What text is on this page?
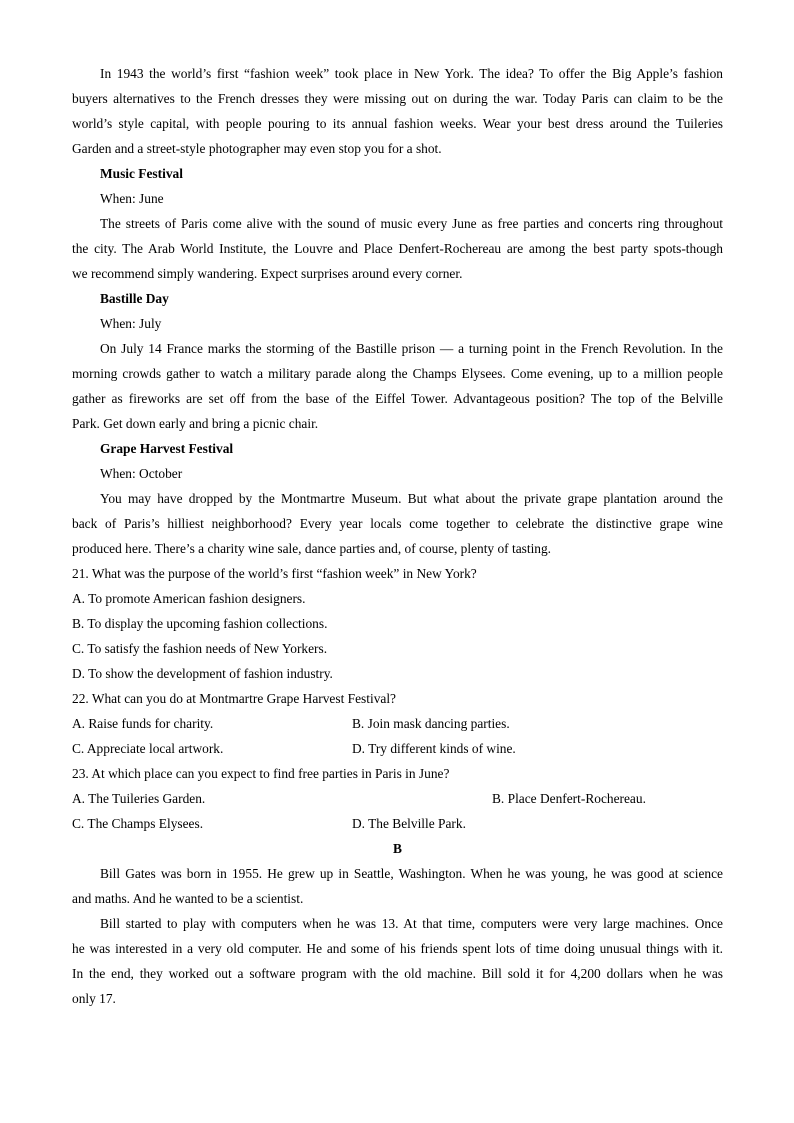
In 1943 the world’s first “fashion week” took place in New York. The idea? To offer the Big Apple’s fashion
buyers alternatives to the French dresses they were missing out on during the war. Today Paris can claim to be the
world’s style capital, with people pouring to its annual fashion weeks. Wear your best dress around the Tuileries
Garden and a street-style photographer may even stop you for a shot.
Music Festival
When: June
The streets of Paris come alive with the sound of music every June as free parties and concerts ring throughout
the city. The Arab World Institute, the Louvre and Place Denfert-Rochereau are among the best party spots-though
we recommend simply wandering. Expect surprises around every corner.
Bastille Day
When: July
On July 14 France marks the storming of the Bastille prison — a turning point in the French Revolution. In the
morning crowds gather to watch a military parade along the Champs Elysees. Come evening, up to a million people
gather as fireworks are set off from the base of the Eiffel Tower. Advantageous position? The top of the Belville
Park. Get down early and bring a picnic chair.
Grape Harvest Festival
When: October
You may have dropped by the Montmartre Museum. But what about the private grape plantation around the
back of Paris’s hilliest neighborhood? Every year locals come together to celebrate the distinctive grape wine
produced here. There’s a charity wine sale, dance parties and, of course, plenty of tasting.
21. What was the purpose of the world’s first “fashion week” in New York?
A. To promote American fashion designers.
B. To display the upcoming fashion collections.
C. To satisfy the fashion needs of New Yorkers.
D. To show the development of fashion industry.
22. What can you do at Montmartre Grape Harvest Festival?
A. Raise funds for charity.	B. Join mask dancing parties.
C. Appreciate local artwork.	D. Try different kinds of wine.
23. At which place can you expect to find free parties in Paris in June?
A. The Tuileries Garden.	B. Place Denfert-Rochereau.
C. The Champs Elysees.	D. The Belville Park.
B
Bill Gates was born in 1955. He grew up in Seattle, Washington. When he was young, he was good at science
and maths. And he wanted to be a scientist.
Bill started to play with computers when he was 13. At that time, computers were very large machines. Once
he was interested in a very old computer. He and some of his friends spent lots of time doing unusual things with it.
In the end, they worked out a software program with the old machine. Bill sold it for 4,200 dollars when he was
only 17.
